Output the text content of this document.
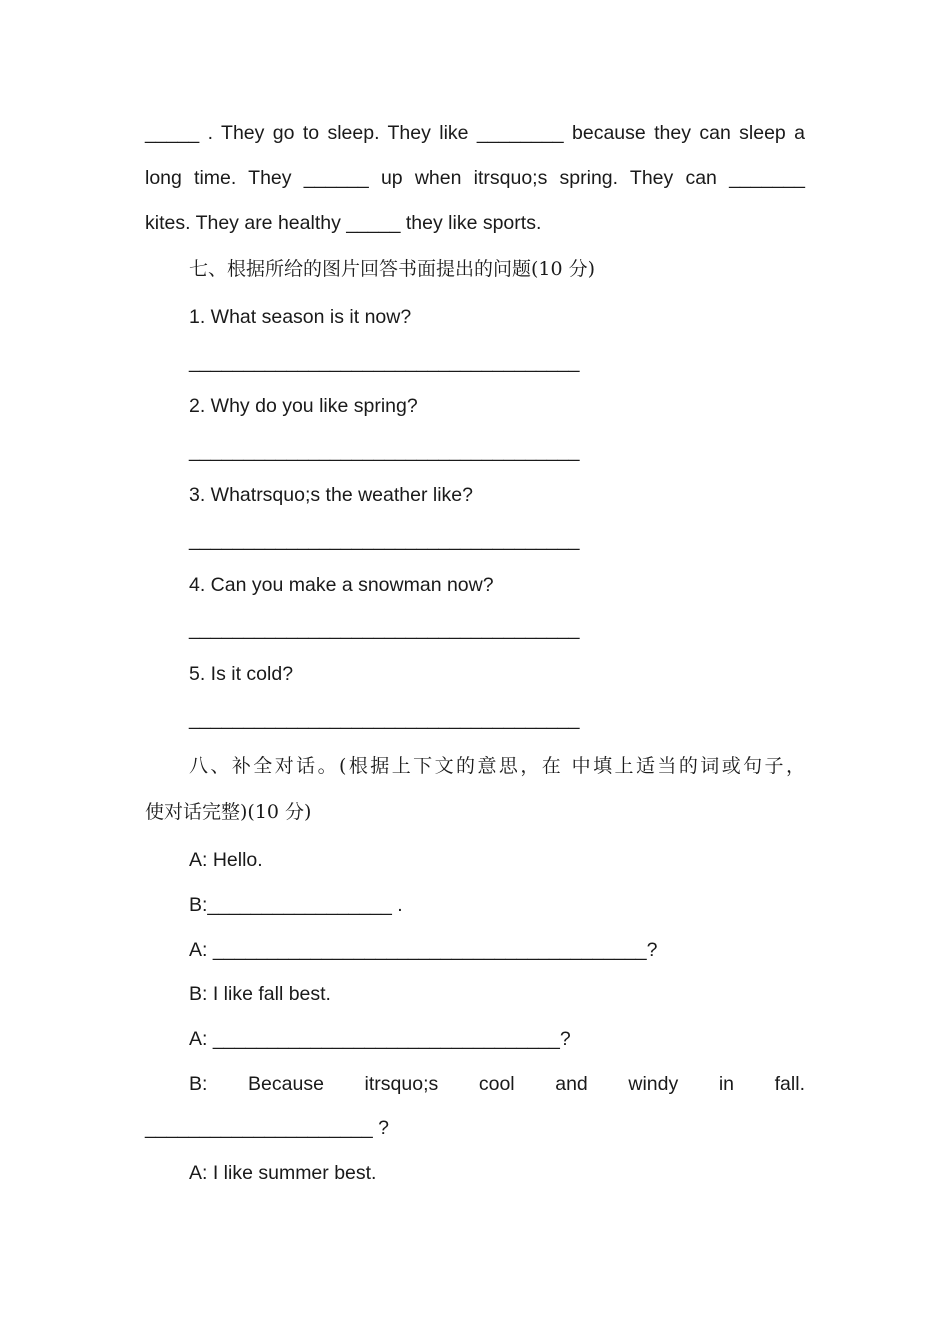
_____ . They go to sleep. They like ________ because they can sleep a
long time. They ______ up when itrsquo;s spring. They can _______
kites. They are healthy _____ they like sports.
七、根据所给的图片回答书面提出的问题(10 分)
1. What season is it now?
____________________________________
2. Why do you like spring?
____________________________________
3. Whatrsquo;s the weather like?
____________________________________
4. Can you make a snowman now?
____________________________________
5. Is it cold?
____________________________________
八、补全对话。(根据上下文的意思，在 中填上适当的词或句子，
使对话完整)(10 分)
A: Hello.
B:_________________ .
A: ________________________________________?
B: I like fall best.
A: ________________________________?
B: Because itrsquo;s cool and windy in fall.
_____________________ ?
A: I like summer best.
